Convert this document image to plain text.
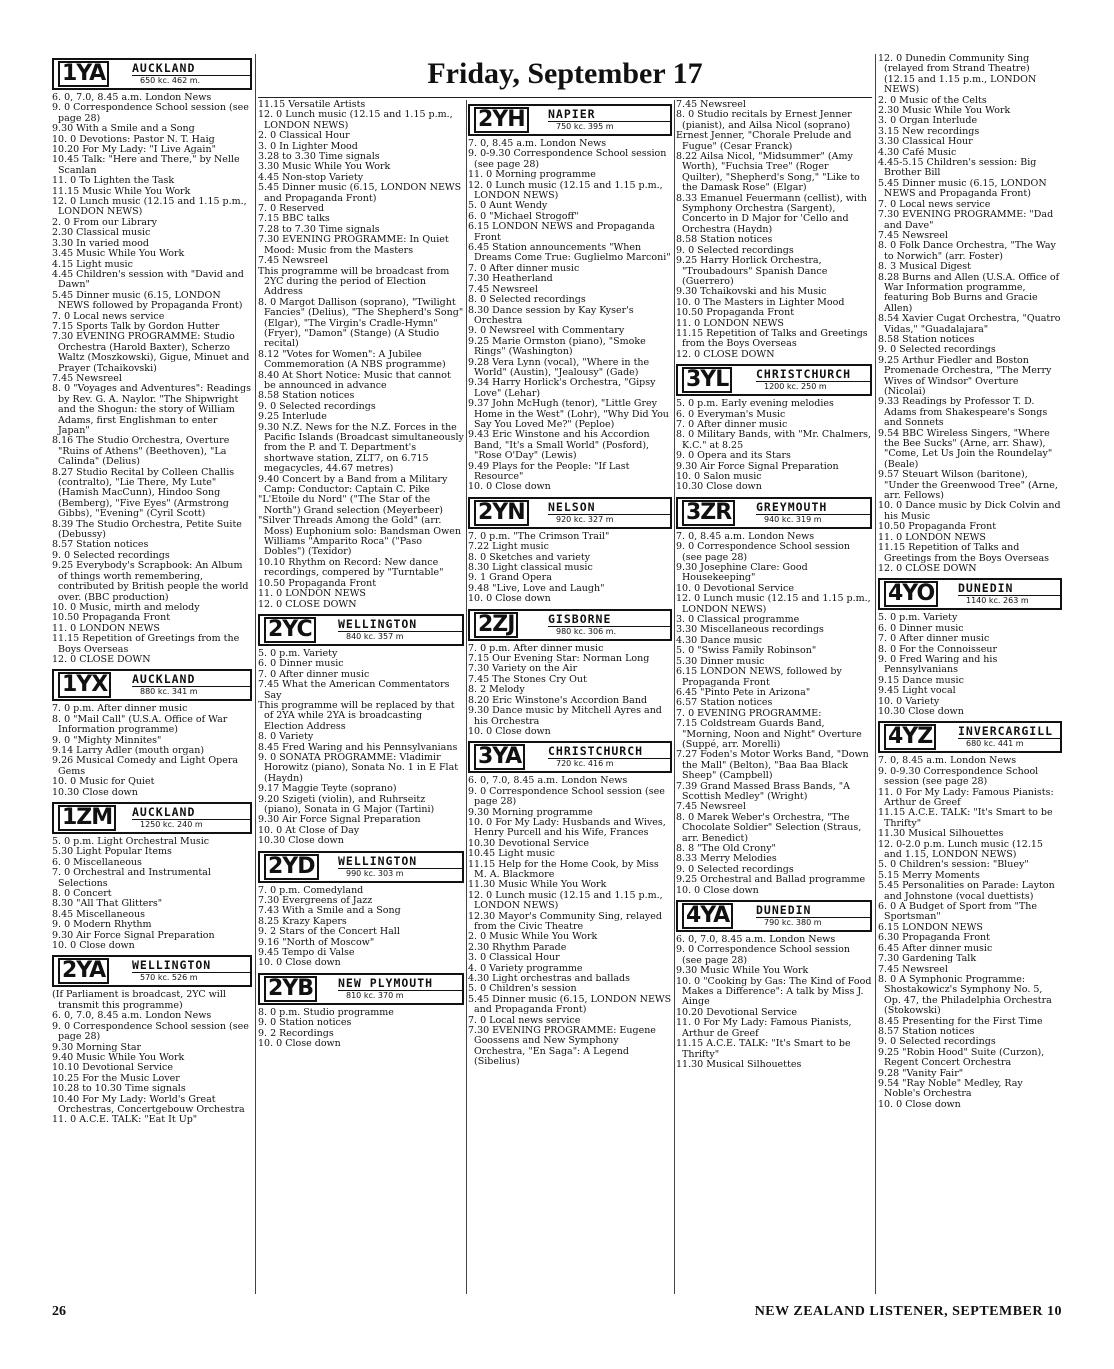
Friday, September 17
1YA	AUCKLAND
650 kc. 462 m.
6. 0, 7.0, 8.45 a.m. London News
9. 0 Correspondence School session (see page 28)
9.30 With a Smile and a Song
10. 0 Devotions: Pastor N. T. Haig
10.20 For My Lady: "I Live Again"
10.45 Talk: "Here and There," by Nelle Scanlan
11. 0 To Lighten the Task
11.15 Music While You Work
12. 0 Lunch music (12.15 and 1.15 p.m., LONDON NEWS)
2. 0 From our Library
2.30 Classical music
3.30 In varied mood
3.45 Music While You Work
4.15 Light music
4.45 Children's session with "David and Dawn"
5.45 Dinner music (6.15, LONDON NEWS followed by Propaganda Front)
7. 0 Local news service
7.15 Sports Talk by Gordon Hutter
7.30 EVENING PROGRAMME: Studio Orchestra (Harold Baxter), Scherzo Waltz (Moszkowski), Gigue, Minuet and Prayer (Tchaikovski)
7.45 Newsreel
8. 0 "Voyages and Adventures": Readings by Rev. G. A. Naylor. "The Shipwright and the Shogun: the story of William Adams, first Englishman to enter Japan"
8.16 The Studio Orchestra, Overture "Ruins of Athens" (Beethoven), "La Calinda" (Delius)
8.27 Studio Recital by Colleen Challis (contralto), "Lie There, My Lute" (Hamish MacCunn), Hindoo Song (Bemberg), "Five Eyes" (Armstrong Gibbs), "Evening" (Cyril Scott)
8.39 The Studio Orchestra, Petite Suite (Debussy)
8.57 Station notices
9. 0 Selected recordings
9.25 Everybody's Scrapbook: An Album of things worth remembering, contributed by British people the world over. (BBC production)
10. 0 Music, mirth and melody
10.50 Propaganda Front
11. 0 LONDON NEWS
11.15 Repetition of Greetings from the Boys Overseas
12. 0 CLOSE DOWN
1YX	AUCKLAND
880 kc. 341 m
7. 0 p.m. After dinner music
8. 0 "Mail Call" (U.S.A. Office of War Information programme)
9. 0 "Mighty Minnites"
9.14 Larry Adler (mouth organ)
9.26 Musical Comedy and Light Opera Gems
10. 0 Music for Quiet
10.30 Close down
1ZM	AUCKLAND
1250 kc. 240 m
5. 0 p.m. Light Orchestral Music
5.30 Light Popular Items
6. 0 Miscellaneous
7. 0 Orchestral and Instrumental Selections
8. 0 Concert
8.30 "All That Glitters"
8.45 Miscellaneous
9. 0 Modern Rhythm
9.30 Air Force Signal Preparation
10. 0 Close down
2YA	WELLINGTON
570 kc. 526 m
(If Parliament is broadcast, 2YC will transmit this programme)
6. 0, 7.0, 8.45 a.m. London News
9. 0 Correspondence School session (see page 28)
9.30 Morning Star
9.40 Music While You Work
10.10 Devotional Service
10.25 For the Music Lover
10.28 to 10.30 Time signals
10.40 For My Lady: World's Great Orchestras, Concertgebouw Orchestra
11. 0 A.C.E. TALK: "Eat It Up"
11.15 Versatile Artists
12. 0 Lunch music (12.15 and 1.15 p.m., LONDON NEWS)
2. 0 Classical Hour
3. 0 In Lighter Mood
3.28 to 3.30 Time signals
3.30 Music While You Work
4.45 Non-stop Variety
5.45 Dinner music (6.15, LONDON NEWS and Propaganda Front)
7. 0 Reserved
7.15 BBC talks
7.28 to 7.30 Time signals
7.30 EVENING PROGRAMME: In Quiet Mood: Music from the Masters
7.45 Newsreel
This programme will be broadcast from 2YC during the period of Election Address
8. 0 Margot Dallison (soprano), "Twilight Fancies" (Delius), "The Shepherd's Song" (Elgar), "The Virgin's Cradle-Hymn" (Fryer), "Damon" (Stange) (A Studio recital)
8.12 "Votes for Women": A Jubilee Commemoration (A NBS programme)
8.40 At Short Notice: Music that cannot be announced in advance
8.58 Station notices
9. 0 Selected recordings
9.25 Interlude
9.30 N.Z. News for the N.Z. Forces in the Pacific Islands (Broadcast simultaneously from the P. and T. Department's shortwave station, ZLT7, on 6.715 megacycles, 44.67 metres)
9.40 Concert by a Band from a Military Camp: Conductor: Captain C. Pike
"L'Etoile du Nord" ("The Star of the North") Grand selection (Meyerbeer)
"Silver Threads Among the Gold" (arr. Moss) Euphonium solo: Bandsman Owen Williams "Amparito Roca" ("Paso Dobles") (Texidor)
10.10 Rhythm on Record: New dance recordings, compered by "Turntable"
10.50 Propaganda Front
11. 0 LONDON NEWS
12. 0 CLOSE DOWN
2YC	WELLINGTON
840 kc. 357 m
5. 0 p.m. Variety
6. 0 Dinner music
7. 0 After dinner music
7.45 What the American Commentators Say
This programme will be replaced by that of 2YA while 2YA is broadcasting Election Address
8. 0 Variety
8.45 Fred Waring and his Pennsylvanians
9. 0 SONATA PROGRAMME: Vladimir Horowitz (piano), Sonata No. 1 in E Flat (Haydn)
9.17 Maggie Teyte (soprano)
9.20 Szigeti (violin), and Ruhrseitz (piano), Sonata in G Major (Tartini)
9.30 Air Force Signal Preparation
10. 0 At Close of Day
10.30 Close down
2YD	WELLINGTON
990 kc. 303 m
7. 0 p.m. Comedyland
7.30 Evergreens of Jazz
7.43 With a Smile and a Song
8.25 Krazy Kapers
9. 2 Stars of the Concert Hall
9.16 "North of Moscow"
9.45 Tempo di Valse
10. 0 Close down
2YB	NEW PLYMOUTH
810 kc. 370 m
8. 0 p.m. Studio programme
9. 0 Station notices
9. 2 Recordings
10. 0 Close down
2YH	NAPIER
750 kc. 395 m
7. 0, 8.45 a.m. London News
9. 0-9.30 Correspondence School session (see page 28)
11. 0 Morning programme
12. 0 Lunch music (12.15 and 1.15 p.m., LONDON NEWS)
5. 0 Aunt Wendy
6. 0 "Michael Strogoff"
6.15 LONDON NEWS and Propaganda Front
6.45 Station announcements "When Dreams Come True: Guglielmo Marconi"
7. 0 After dinner music
7.30 Heatherland
7.45 Newsreel
8. 0 Selected recordings
8.30 Dance session by Kay Kyser's Orchestra
9. 0 Newsreel with Commentary
9.25 Marie Ormston (piano), "Smoke Rings" (Washington)
9.28 Vera Lynn (vocal), "Where in the World" (Austin), "Jealousy" (Gade)
9.34 Harry Horlick's Orchestra, "Gipsy Love" (Lehar)
9.37 John McHugh (tenor), "Little Grey Home in the West" (Lohr), "Why Did You Say You Loved Me?" (Peploe)
9.43 Eric Winstone and his Accordion Band, "It's a Small World" (Posford), "Rose O'Day" (Lewis)
9.49 Plays for the People: "If Last Resource"
10. 0 Close down
2YN	NELSON
920 kc. 327 m
7. 0 p.m. "The Crimson Trail"
7.22 Light music
8. 0 Sketches and variety
8.30 Light classical music
9. 1 Grand Opera
9.48 "Live, Love and Laugh"
10. 0 Close down
2ZJ	GISBORNE
980 kc. 306 m.
7. 0 p.m. After dinner music
7.15 Our Evening Star: Norman Long
7.30 Variety on the Air
7.45 The Stones Cry Out
8. 2 Melody
8.20 Eric Winstone's Accordion Band
9.30 Dance music by Mitchell Ayres and his Orchestra
10. 0 Close down
3YA	CHRISTCHURCH
720 kc. 416 m
6. 0, 7.0, 8.45 a.m. London News
9. 0 Correspondence School session (see page 28)
9.30 Morning programme
10. 0 For My Lady: Husbands and Wives, Henry Purcell and his Wife, Frances
10.30 Devotional Service
10.45 Light music
11.15 Help for the Home Cook, by Miss M. A. Blackmore
11.30 Music While You Work
12. 0 Lunch music (12.15 and 1.15 p.m., LONDON NEWS)
12.30 Mayor's Community Sing, relayed from the Civic Theatre
2. 0 Music While You Work
2.30 Rhythm Parade
3. 0 Classical Hour
4. 0 Variety programme
4.30 Light orchestras and ballads
5. 0 Children's session
5.45 Dinner music (6.15, LONDON NEWS and Propaganda Front)
7. 0 Local news service
7.30 EVENING PROGRAMME: Eugene Goossens and New Symphony Orchestra, "En Saga": A Legend (Sibelius)
7.45 Newsreel
8. 0 Studio recitals by Ernest Jenner (pianist), and Ailsa Nicol (soprano)
Ernest Jenner, "Chorale Prelude and Fugue" (Cesar Franck)
8.22 Ailsa Nicol, "Midsummer" (Amy Worth), "Fuchsia Tree" (Roger Quilter), "Shepherd's Song," "Like to the Damask Rose" (Elgar)
8.33 Emanuel Feuermann (cellist), with Symphony Orchestra (Sargent), Concerto in D Major for 'Cello and Orchestra (Haydn)
8.58 Station notices
9. 0 Selected recordings
9.25 Harry Horlick Orchestra, "Troubadours" Spanish Dance (Guerrero)
9.30 Tchaikovski and his Music
10. 0 The Masters in Lighter Mood
10.50 Propaganda Front
11. 0 LONDON NEWS
11.15 Repetition of Talks and Greetings from the Boys Overseas
12. 0 CLOSE DOWN
3YL	CHRISTCHURCH
1200 kc. 250 m
5. 0 p.m. Early evening melodies
6. 0 Everyman's Music
7. 0 After dinner music
8. 0 Military Bands, with "Mr. Chalmers, K.C." at 8.25
9. 0 Opera and its Stars
9.30 Air Force Signal Preparation
10. 0 Salon music
10.30 Close down
3ZR	GREYMOUTH
940 kc. 319 m
7. 0, 8.45 a.m. London News
9. 0 Correspondence School session (see page 28)
9.30 Josephine Clare: Good Housekeeping"
10. 0 Devotional Service
12. 0 Lunch music (12.15 and 1.15 p.m., LONDON NEWS)
3. 0 Classical programme
3.30 Miscellaneous recordings
4.30 Dance music
5. 0 "Swiss Family Robinson"
5.30 Dinner music
6.15 LONDON NEWS, followed by Propaganda Front
6.45 "Pinto Pete in Arizona"
6.57 Station notices
7. 0 EVENING PROGRAMME:
7.15 Coldstream Guards Band, "Morning, Noon and Night" Overture (Suppé, arr. Morelli)
7.27 Foden's Motor Works Band, "Down the Mall" (Belton), "Baa Baa Black Sheep" (Campbell)
7.39 Grand Massed Brass Bands, "A Scottish Medley" (Wright)
7.45 Newsreel
8. 0 Marek Weber's Orchestra, "The Chocolate Soldier" Selection (Straus, arr. Benedict)
8. 8 "The Old Crony"
8.33 Merry Melodies
9. 0 Selected recordings
9.25 Orchestral and Ballad programme
10. 0 Close down
4YA	DUNEDIN
790 kc. 380 m
6. 0, 7.0, 8.45 a.m. London News
9. 0 Correspondence School session (see page 28)
9.30 Music While You Work
10. 0 "Cooking by Gas: The Kind of Food Makes a Difference": A talk by Miss J. Ainge
10.20 Devotional Service
11. 0 For My Lady: Famous Pianists, Arthur de Greef
11.15 A.C.E. TALK: "It's Smart to be Thrifty"
11.30 Musical Silhouettes
12. 0 Dunedin Community Sing (relayed from Strand Theatre) (12.15 and 1.15 p.m., LONDON NEWS)
2. 0 Music of the Celts
2.30 Music While You Work
3. 0 Organ Interlude
3.15 New recordings
3.30 Classical Hour
4.30 Café Music
4.45-5.15 Children's session: Big Brother Bill
5.45 Dinner music (6.15, LONDON NEWS and Propaganda Front)
7. 0 Local news service
7.30 EVENING PROGRAMME: "Dad and Dave"
7.45 Newsreel
8. 0 Folk Dance Orchestra, "The Way to Norwich" (arr. Foster)
8. 3 Musical Digest
8.28 Burns and Allen (U.S.A. Office of War Information programme, featuring Bob Burns and Gracie Allen)
8.54 Xavier Cugat Orchestra, "Quatro Vidas," "Guadalajara"
8.58 Station notices
9. 0 Selected recordings
9.25 Arthur Fiedler and Boston Promenade Orchestra, "The Merry Wives of Windsor" Overture (Nicolai)
9.33 Readings by Professor T. D. Adams from Shakespeare's Songs and Sonnets
9.54 BBC Wireless Singers, "Where the Bee Sucks" (Arne, arr. Shaw), "Come, Let Us Join the Roundelay" (Beale)
9.57 Steuart Wilson (baritone), "Under the Greenwood Tree" (Arne, arr. Fellows)
10. 0 Dance music by Dick Colvin and his Music
10.50 Propaganda Front
11. 0 LONDON NEWS
11.15 Repetition of Talks and Greetings from the Boys Overseas
12. 0 CLOSE DOWN
4YO	DUNEDIN
1140 kc. 263 m
5. 0 p.m. Variety
6. 0 Dinner music
7. 0 After dinner music
8. 0 For the Connoisseur
9. 0 Fred Waring and his Pennsylvanians
9.15 Dance music
9.45 Light vocal
10. 0 Variety
10.30 Close down
4YZ	INVERCARGILL
680 kc. 441 m
7. 0, 8.45 a.m. London News
9. 0-9.30 Correspondence School session (see page 28)
11. 0 For My Lady: Famous Pianists: Arthur de Greef
11.15 A.C.E. TALK: "It's Smart to be Thrifty"
11.30 Musical Silhouettes
12. 0-2.0 p.m. Lunch music (12.15 and 1.15, LONDON NEWS)
5. 0 Children's session: "Bluey"
5.15 Merry Moments
5.45 Personalities on Parade: Layton and Johnstone (vocal duettists)
6. 0 A Budget of Sport from "The Sportsman"
6.15 LONDON NEWS
6.30 Propaganda Front
6.45 After dinner music
7.30 Gardening Talk
7.45 Newsreel
8. 0 A Symphonic Programme: Shostakowicz's Symphony No. 5, Op. 47, the Philadelphia Orchestra (Stokowski)
8.45 Presenting for the First Time
8.57 Station notices
9. 0 Selected recordings
9.25 "Robin Hood" Suite (Curzon), Regent Concert Orchestra
9.28 "Vanity Fair"
9.54 "Ray Noble" Medley, Ray Noble's Orchestra
10. 0 Close down
26	NEW ZEALAND LISTENER, SEPTEMBER 10
